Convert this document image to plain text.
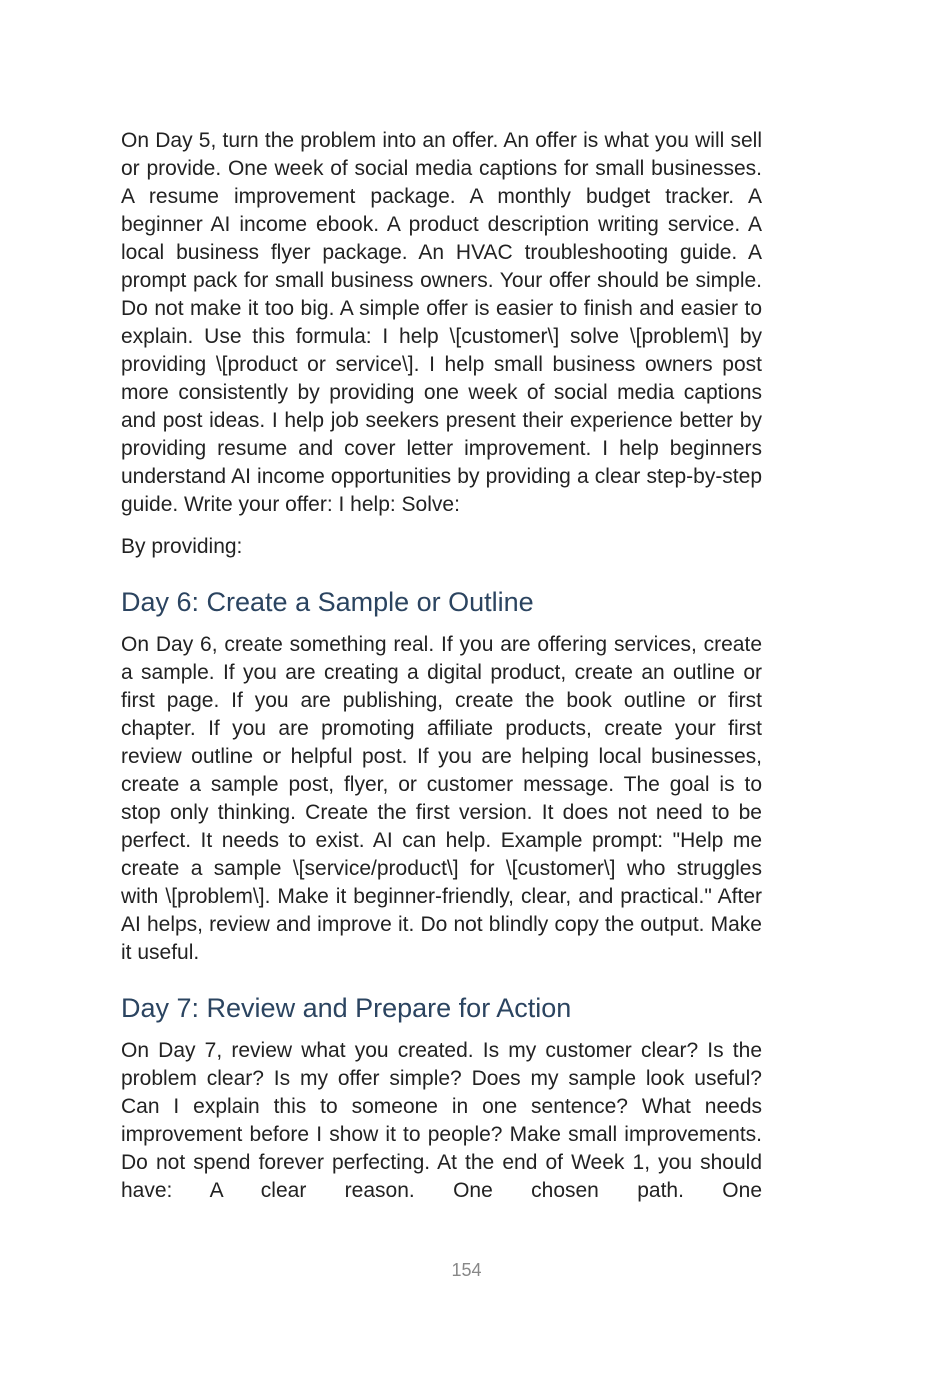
On Day 5, turn the problem into an offer. An offer is what you will sell or provide. One week of social media captions for small businesses. A resume improvement package. A monthly budget tracker. A beginner AI income ebook. A product description writing service. A local business flyer package. An HVAC troubleshooting guide. A prompt pack for small business owners. Your offer should be simple. Do not make it too big. A simple offer is easier to finish and easier to explain. Use this formula: I help \[customer\] solve \[problem\] by providing \[product or service\]. I help small business owners post more consistently by providing one week of social media captions and post ideas. I help job seekers present their experience better by providing resume and cover letter improvement. I help beginners understand AI income opportunities by providing a clear step-by-step guide. Write your offer: I help: Solve:

By providing:

Day 6: Create a Sample or Outline

On Day 6, create something real. If you are offering services, create a sample. If you are creating a digital product, create an outline or first page. If you are publishing, create the book outline or first chapter. If you are promoting affiliate products, create your first review outline or helpful post. If you are helping local businesses, create a sample post, flyer, or customer message. The goal is to stop only thinking. Create the first version. It does not need to be perfect. It needs to exist. AI can help. Example prompt: "Help me create a sample \[service/product\] for \[customer\] who struggles with \[problem\]. Make it beginner-friendly, clear, and practical." After AI helps, review and improve it. Do not blindly copy the output. Make it useful.

Day 7: Review and Prepare for Action

On Day 7, review what you created. Is my customer clear? Is the problem clear? Is my offer simple? Does my sample look useful? Can I explain this to someone in one sentence? What needs improvement before I show it to people? Make small improvements. Do not spend forever perfecting. At the end of Week 1, you should have: A clear reason. One chosen path. One

154
